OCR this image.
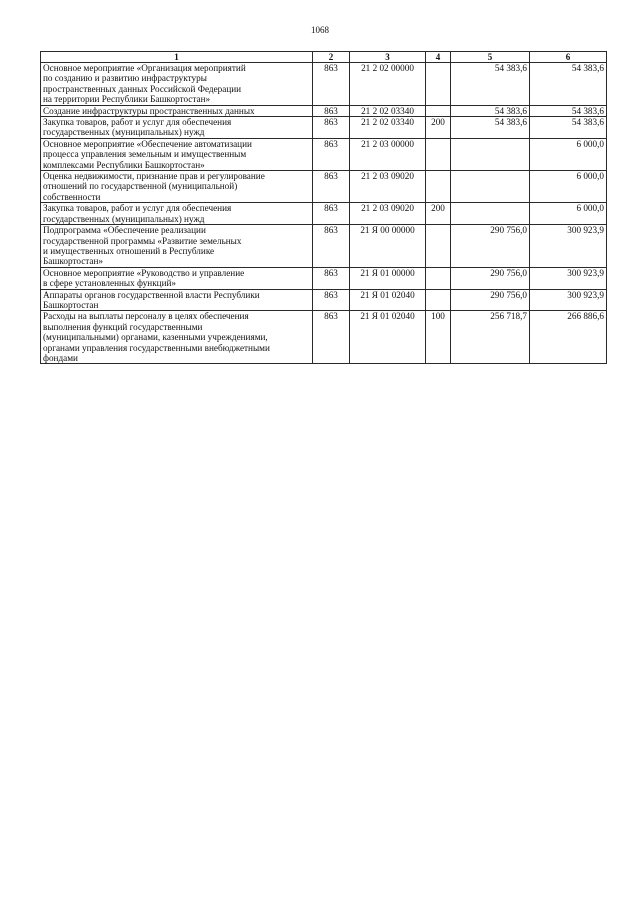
1068
1	2	3	4	5	6

Основное мероприятие «Организация мероприятий
по созданию и развитию инфраструктуры
пространственных данных Российской Федерации
на территории Республики Башкортостан»	863	21 2 02 00000		54 383,6	54 383,6

Создание инфраструктуры пространственных данных	863	21 2 02 03340		54 383,6	54 383,6

Закупка товаров, работ и услуг для обеспечения
государственных (муниципальных) нужд	863	21 2 02 03340	200	54 383,6	54 383,6

Основное мероприятие «Обеспечение автоматизации
процесса управления земельным и имущественным
комплексами Республики Башкортостан»	863	21 2 03 00000			6 000,0

Оценка недвижимости, признание прав и регулирование
отношений по государственной (муниципальной)
собственности	863	21 2 03 09020			6 000,0

Закупка товаров, работ и услуг для обеспечения
государственных (муниципальных) нужд	863	21 2 03 09020	200		6 000,0

Подпрограмма «Обеспечение реализации
государственной программы «Развитие земельных
и имущественных отношений в Республике
Башкортостан»	863	21 Я 00 00000		290 756,0	300 923,9

Основное мероприятие «Руководство и управление
в сфере установленных функций»	863	21 Я 01 00000		290 756,0	300 923,9

Аппараты органов государственной власти Республики
Башкортостан	863	21 Я 01 02040		290 756,0	300 923,9

Расходы на выплаты персоналу в целях обеспечения
выполнения функций государственными
(муниципальными) органами, казенными учреждениями,
органами управления государственными внебюджетными
фондами	863	21 Я 01 02040	100	256 718,7	266 886,6
